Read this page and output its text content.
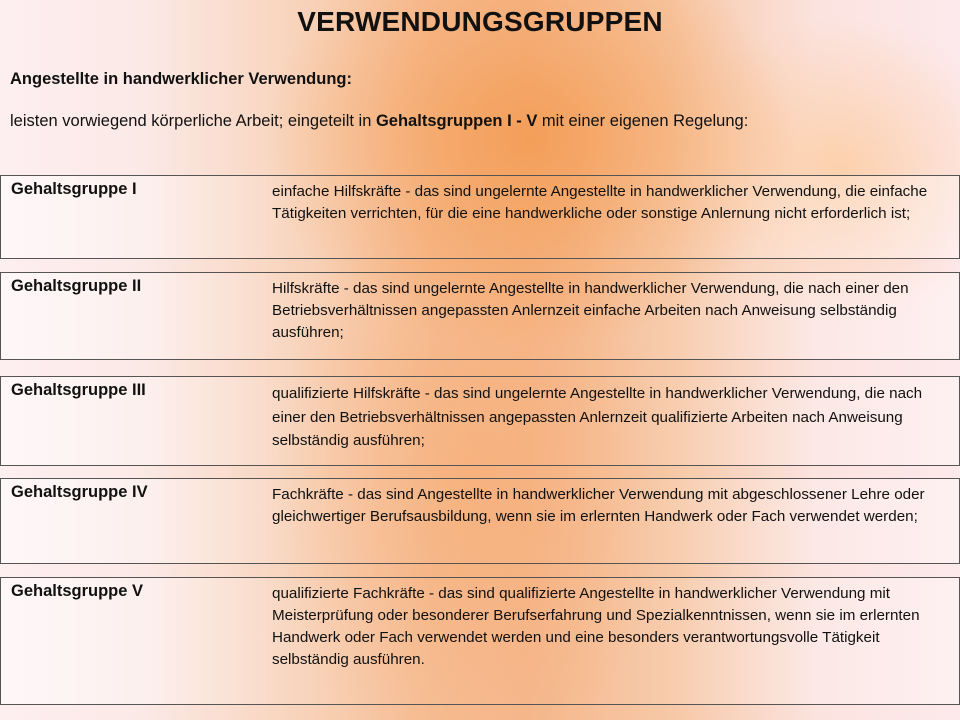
VERWENDUNGSGRUPPEN
Angestellte in handwerklicher Verwendung:
leisten vorwiegend körperliche Arbeit; eingeteilt in Gehaltsgruppen I - V mit einer eigenen Regelung:
Gehaltsgruppe I	einfache Hilfskräfte - das sind ungelernte Angestellte in handwerklicher Verwendung, die einfache Tätigkeiten verrichten, für die eine handwerkliche oder sonstige Anlernung nicht erforderlich ist;
Gehaltsgruppe II	Hilfskräfte - das sind ungelernte Angestellte in handwerklicher Verwendung, die nach einer den Betriebsverhältnissen angepassten Anlernzeit einfache Arbeiten nach Anweisung selbständig ausführen;
Gehaltsgruppe III	qualifizierte Hilfskräfte - das sind ungelernte Angestellte in handwerklicher Verwendung, die nach einer den Betriebsverhältnissen angepassten Anlernzeit qualifizierte Arbeiten nach Anweisung selbständig ausführen;
Gehaltsgruppe IV	Fachkräfte - das sind Angestellte in handwerklicher Verwendung mit abgeschlossener Lehre oder gleichwertiger Berufsausbildung, wenn sie im erlernten Handwerk oder Fach verwendet werden;
Gehaltsgruppe V	qualifizierte Fachkräfte - das sind qualifizierte Angestellte in handwerklicher Verwendung mit Meisterprüfung oder besonderer Berufserfahrung und Spezialkenntnissen, wenn sie im erlernten Handwerk oder Fach verwendet werden und eine besonders verantwortungsvolle Tätigkeit selbständig ausführen.
